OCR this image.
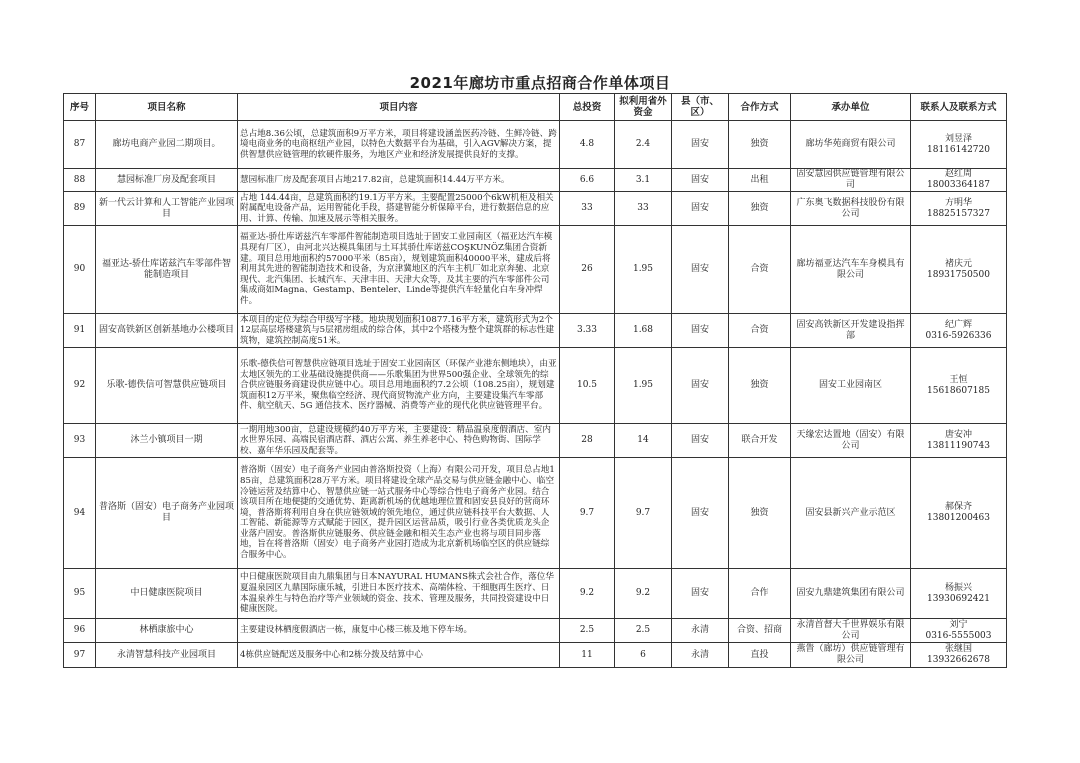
2021年廊坊市重点招商合作单体项目
序号	项目名称	项目内容	总投资	拟利用省外资金	县（市、区）	合作方式	承办单位	联系人及联系方式
87	廊坊电商产业园二期项目。	总占地8.36公顷，总建筑面积9万平方米，项目将建设涵盖医药冷链、生鲜冷链、跨境电商业务的电商枢纽产业园，以特色大数据平台为基础，引入AGV解决方案，提供智慧供应链管理的软硬件服务，为地区产业和经济发展提供良好的支撑。	4.8	2.4	固安	独资	廊坊华苑商贸有限公司	刘昱泽
18116142720
88	慧园标准厂房及配套项目	慧园标准厂房及配套项目占地217.82亩，总建筑面积14.44万平方米。	6.6	3.1	固安	出租	固安慧园供应链管理有限公司	赵红周
18003364187
89	新一代云计算和人工智能产业园项目	占地 144.44亩，总建筑面积约19.1万平方米。主要配置25000个6kW机柜及相关附属配电设备产品，运用智能化手段，搭建智能分析保障平台，进行数据信息的应用、计算、传输、加速及展示等相关服务。	33	33	固安	独资	广东奥飞数据科技股份有限公司	方明华
18825157327
90	福亚达-骄仕库诺兹汽车零部件智能制造项目	福亚达-骄仕库诺兹汽车零部件智能制造项目选址于固安工业园南区（福亚达汽车模具现有厂区），由河北兴达模具集团与土耳其骄仕库诺兹COŞKUNÖZ集团合资新建。项目总用地面积约57000平米（85亩），规划建筑面积40000平米，建成后将利用其先进的智能制造技术和设备，为京津冀地区的汽车主机厂如北京奔驰、北京现代、北汽集团、长城汽车、天津丰田、天津大众等，及其主要的汽车零部件公司集成商如Magna、Gestamp、Benteler、Linde等提供汽车轻量化白车身冲焊件。	26	1.95	固安	合资	廊坊福亚达汽车车身模具有限公司	褚庆元
18931750500
91	固安高铁新区创新基地办公楼项目	本项目的定位为综合甲级写字楼。地块规划面积10877.16平方米，建筑形式为2个12层高层塔楼建筑与5层裙房组成的综合体，其中2个塔楼为整个建筑群的标志性建筑物，建筑控制高度51米。	3.33	1.68	固安	合资	固安高铁新区开发建设指挥部	纪广辉
0316-5926336
92	乐歌-德佚信可智慧供应链项目	乐歌-德佚信可智慧供应链项目选址于固安工业园南区（环保产业港东侧地块），由亚太地区领先的工业基础设施提供商——乐歌集团为世界500强企业、全球领先的综合供应链服务商建设供应链中心。项目总用地面积约7.2公顷（108.25亩），规划建筑面积12万平米，聚焦临空经济、现代商贸物流产业方向，主要建设集汽车零部件、航空航天、5G 通信技术、医疗器械、消费等产业的现代化供应链管理平台。	10.5	1.95	固安	独资	固安工业园南区	王恒
15618607185
93	沐兰小镇项目一期	一期用地300亩，总建设规模约40万平方米，主要建设：精品温泉度假酒店、室内水世界乐园、高端民宿酒店群、酒店公寓、养生养老中心、特色购物街、国际学校、嘉年华乐园及配套等。	28	14	固安	联合开发	天缘宏达置地（固安）有限公司	唐安冲
13811190743
94	普洛斯（固安）电子商务产业园项目	普洛斯（固安）电子商务产业园由普洛斯投资（上海）有限公司开发，项目总占地185亩，总建筑面积28万平方米。项目将建设全球产品交易与供应链金融中心、临空冷链运营及结算中心、智慧供应链一站式服务中心等综合性电子商务产业园。结合该项目所在地便捷的交通优势、距离新机场的优越地理位置和固安县良好的营商环境，普洛斯将利用自身在供应链领域的领先地位，通过供应链科技平台大数据、人工智能、新能源等方式赋能于园区，提升园区运营品质，吸引行业各类优质龙头企业落户固安。普洛斯供应链服务、供应链金融和相关生态产业也将与项目同步落地，旨在将普洛斯（固安）电子商务产业园打造成为北京新机场临空区的供应链综合服务中心。	9.7	9.7	固安	独资	固安县新兴产业示范区	郝保齐
13801200463
95	中日健康医院项目	中日健康医院项目由九鼎集团与日本NAYURAL HUMANS株式会社合作，落位华夏温泉园区九鼎国际康乐城，引进日本医疗技术、高端体检、干细胞再生医疗、日本温泉养生与特色治疗等产业领域的资金、技术、管理及服务，共同投资建设中日健康医院。	9.2	9.2	固安	合作	固安九鼎建筑集团有限公司	杨振兴
13930692421
96	林栖康旅中心	主要建设林栖度假酒店一栋，康复中心楼三栋及地下停车场。	2.5	2.5	永清	合资、招商	永清首督大千世界娱乐有限公司	刘宁
0316-5555003
97	永清智慧科技产业园项目	4栋供应链配送及服务中心和2栋分拨及结算中心	11	6	永清	直投	燕眚（廊坊）供应链管理有限公司	张继国
13932662678
